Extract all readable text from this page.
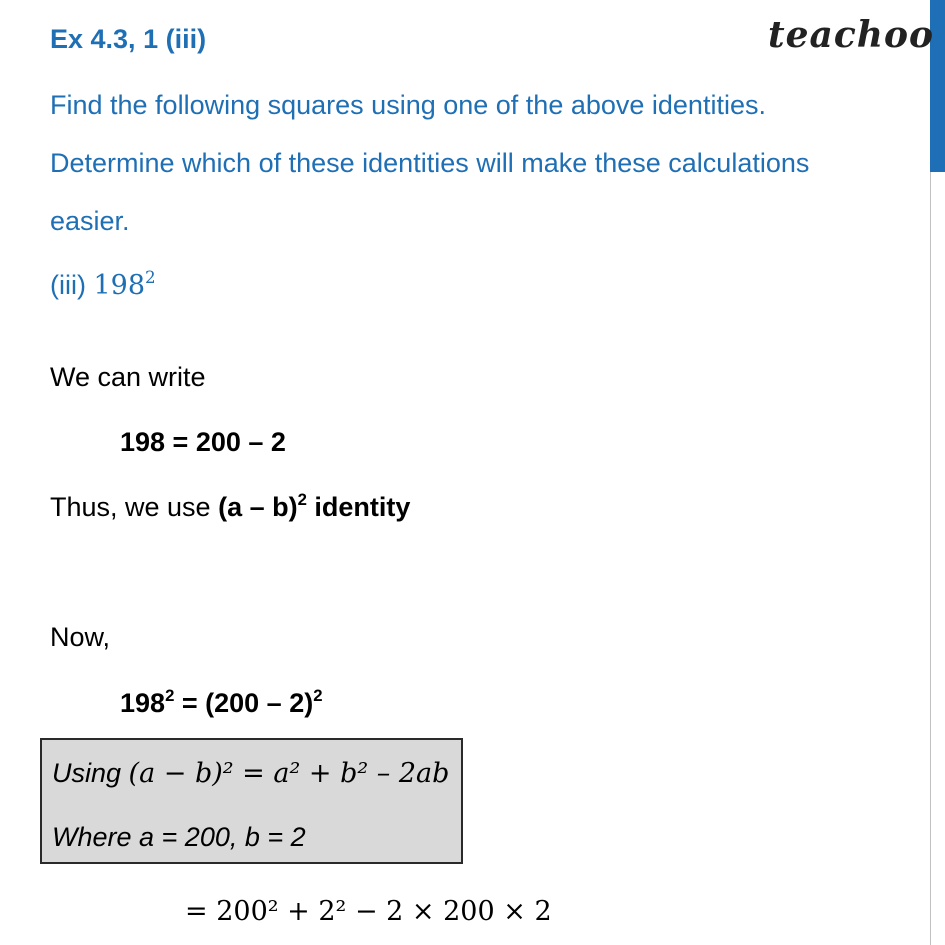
Ex 4.3, 1 (iii)	teachoo
Find the following squares using one of the above identities.
Determine which of these identities will make these calculations
easier.
(iii) $198^2$
We can write
198 = 200 – 2
Thus, we use (a – b)$^2$ identity
Now,
$198^2 = (200 - 2)^2$
Using (a − b)² = a² + b² – 2ab
Where a = 200, b = 2
= 200² + 2² − 2 × 200 × 2
